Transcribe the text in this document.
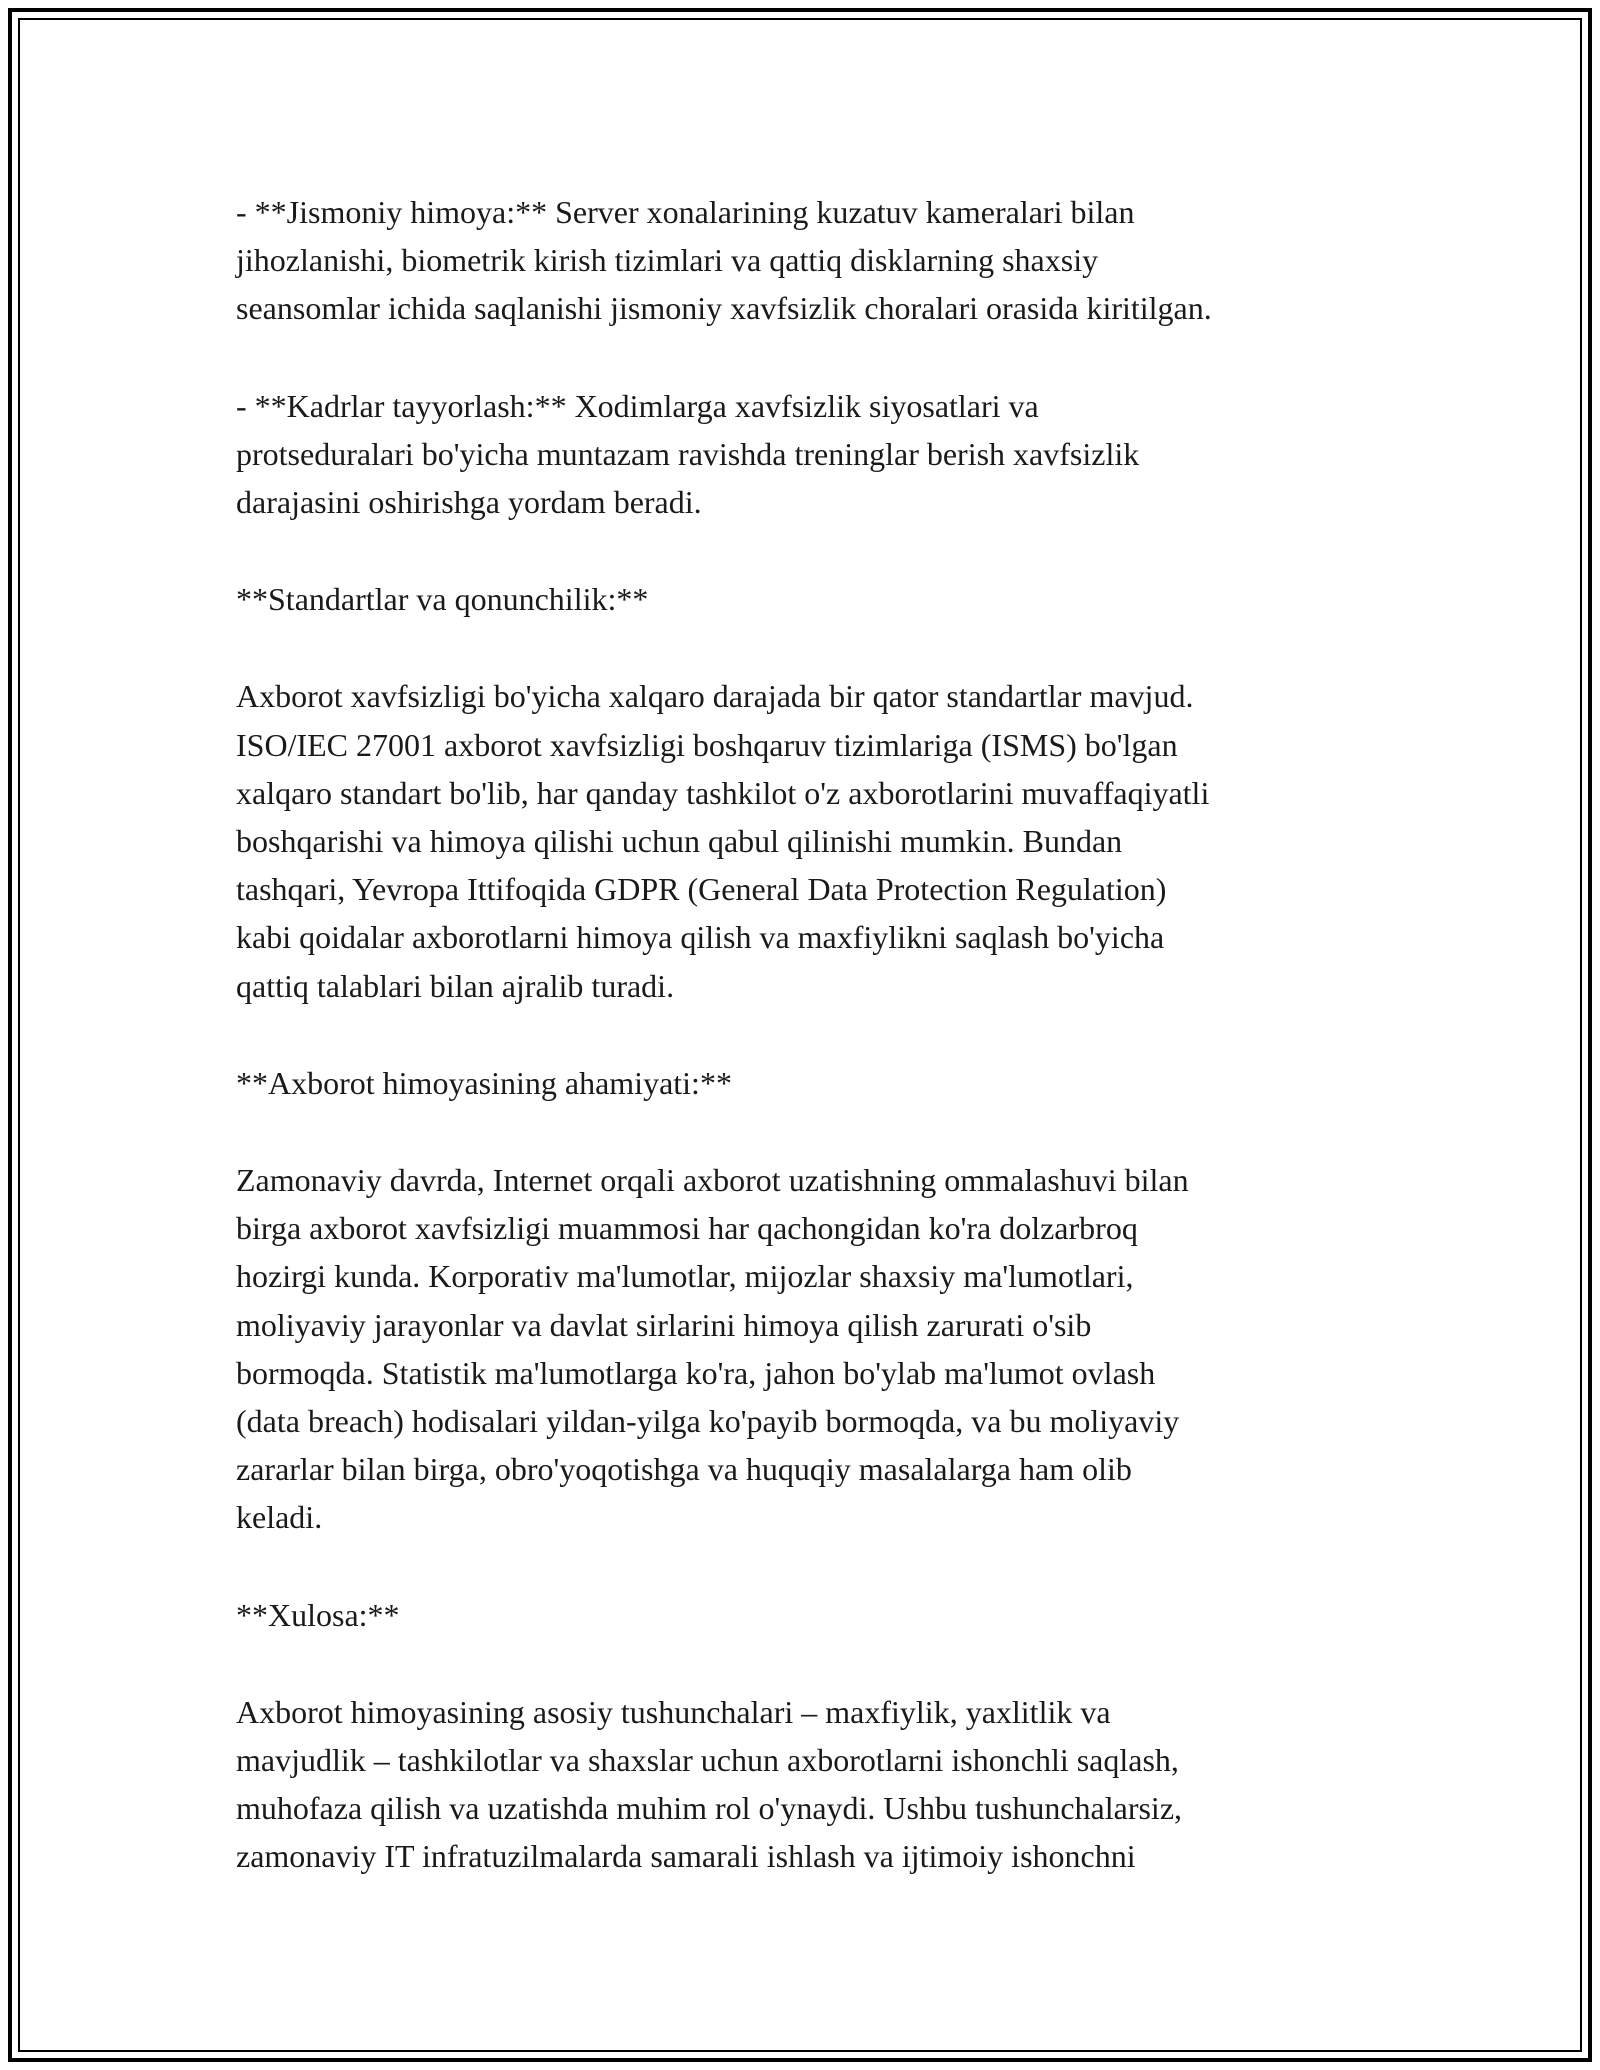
- **Jismoniy himoya:** Server xonalarining kuzatuv kameralari bilan
jihozlanishi, biometrik kirish tizimlari va qattiq disklarning shaxsiy
seansomlar ichida saqlanishi jismoniy xavfsizlik choralari orasida kiritilgan.

- **Kadrlar tayyorlash:** Xodimlarga xavfsizlik siyosatlari va
protseduralari bo'yicha muntazam ravishda treninglar berish xavfsizlik
darajasini oshirishga yordam beradi.

**Standartlar va qonunchilik:**

Axborot xavfsizligi bo'yicha xalqaro darajada bir qator standartlar mavjud.
ISO/IEC 27001 axborot xavfsizligi boshqaruv tizimlariga (ISMS) bo'lgan
xalqaro standart bo'lib, har qanday tashkilot o'z axborotlarini muvaffaqiyatli
boshqarishi va himoya qilishi uchun qabul qilinishi mumkin. Bundan
tashqari, Yevropa Ittifoqida GDPR (General Data Protection Regulation)
kabi qoidalar axborotlarni himoya qilish va maxfiylikni saqlash bo'yicha
qattiq talablari bilan ajralib turadi.

**Axborot himoyasining ahamiyati:**

Zamonaviy davrda, Internet orqali axborot uzatishning ommalashuvi bilan
birga axborot xavfsizligi muammosi har qachongidan ko'ra dolzarbroq
hozirgi kunda. Korporativ ma'lumotlar, mijozlar shaxsiy ma'lumotlari,
moliyaviy jarayonlar va davlat sirlarini himoya qilish zarurati o'sib
bormoqda. Statistik ma'lumotlarga ko'ra, jahon bo'ylab ma'lumot ovlash
(data breach) hodisalari yildan-yilga ko'payib bormoqda, va bu moliyaviy
zararlar bilan birga, obro'yoqotishga va huquqiy masalalarga ham olib
keladi.

**Xulosa:**

Axborot himoyasining asosiy tushunchalari – maxfiylik, yaxlitlik va
mavjudlik – tashkilotlar va shaxslar uchun axborotlarni ishonchli saqlash,
muhofaza qilish va uzatishda muhim rol o'ynaydi. Ushbu tushunchalarsiz,
zamonaviy IT infratuzilmalarda samarali ishlash va ijtimoiy ishonchni
